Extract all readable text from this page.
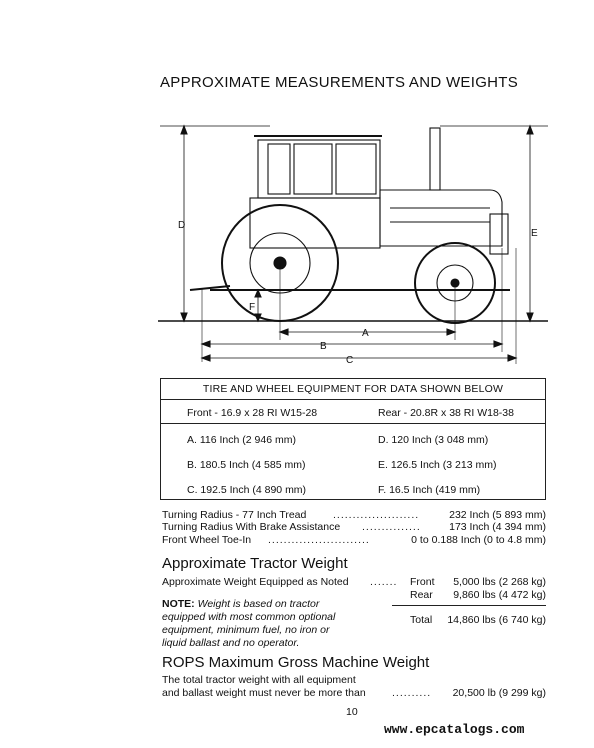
APPROXIMATE MEASUREMENTS AND WEIGHTS
D
E
A
B
C
F
TIRE AND WHEEL EQUIPMENT FOR DATA SHOWN BELOW
Front - 16.9 x 28 RI W15-28	Rear - 20.8R x 38 RI W18-38
A. 116 Inch (2 946 mm)	D. 120 Inch (3 048 mm)
B. 180.5 Inch (4 585 mm)	E. 126.5 Inch (3 213 mm)
C. 192.5 Inch (4 890 mm)	F. 16.5 Inch (419 mm)
Turning Radius - 77 Inch Tread	......................	232 Inch (5 893 mm)
Turning Radius With Brake Assistance ...............	173 Inch (4 394 mm)
Front Wheel Toe-In ..........................	0 to 0.188 Inch (0 to 4.8 mm)
Approximate Tractor Weight
Approximate Weight Equipped as Noted ....... Front 5,000 lbs (2 268 kg)
Rear 9,860 lbs (4 472 kg)
Total 14,860 lbs (6 740 kg)
NOTE: Weight is based on tractor equipped with most common optional equipment, minimum fuel, no iron or liquid ballast and no operator.
ROPS Maximum Gross Machine Weight
The total tractor weight with all equipment
and ballast weight must never be more than	.......... 20,500 lb (9 299 kg)
10
www.epcatalogs.com
